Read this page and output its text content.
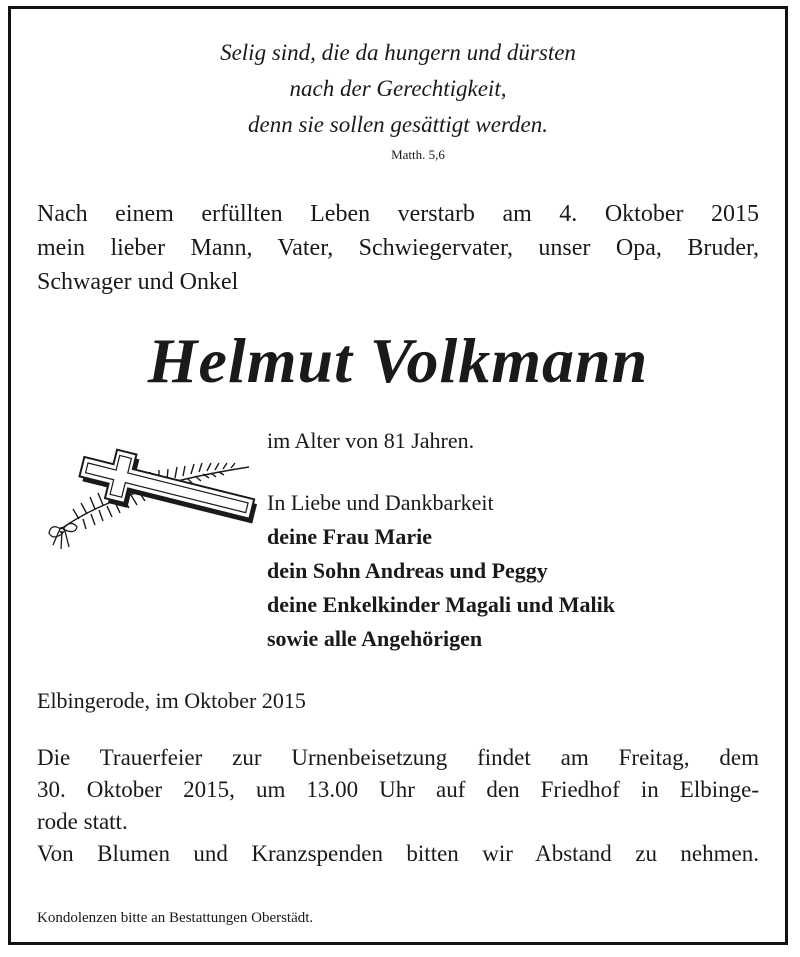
Selig sind, die da hungern und dürsten
nach der Gerechtigkeit,
denn sie sollen gesättigt werden.
Matth. 5,6
Nach einem erfüllten Leben verstarb am 4. Oktober 2015
mein lieber Mann, Vater, Schwiegervater, unser Opa, Bruder,
Schwager und Onkel
Helmut Volkmann
im Alter von 81 Jahren.
In Liebe und Dankbarkeit
deine Frau Marie
dein Sohn Andreas und Peggy
deine Enkelkinder Magali und Malik
sowie alle Angehörigen
Elbingerode, im Oktober 2015
Die Trauerfeier zur Urnenbeisetzung findet am Freitag, dem
30. Oktober 2015, um 13.00 Uhr auf den Friedhof in Elbinge-
rode statt.
Von Blumen und Kranzspenden bitten wir Abstand zu nehmen.
Kondolenzen bitte an Bestattungen Oberstädt.
